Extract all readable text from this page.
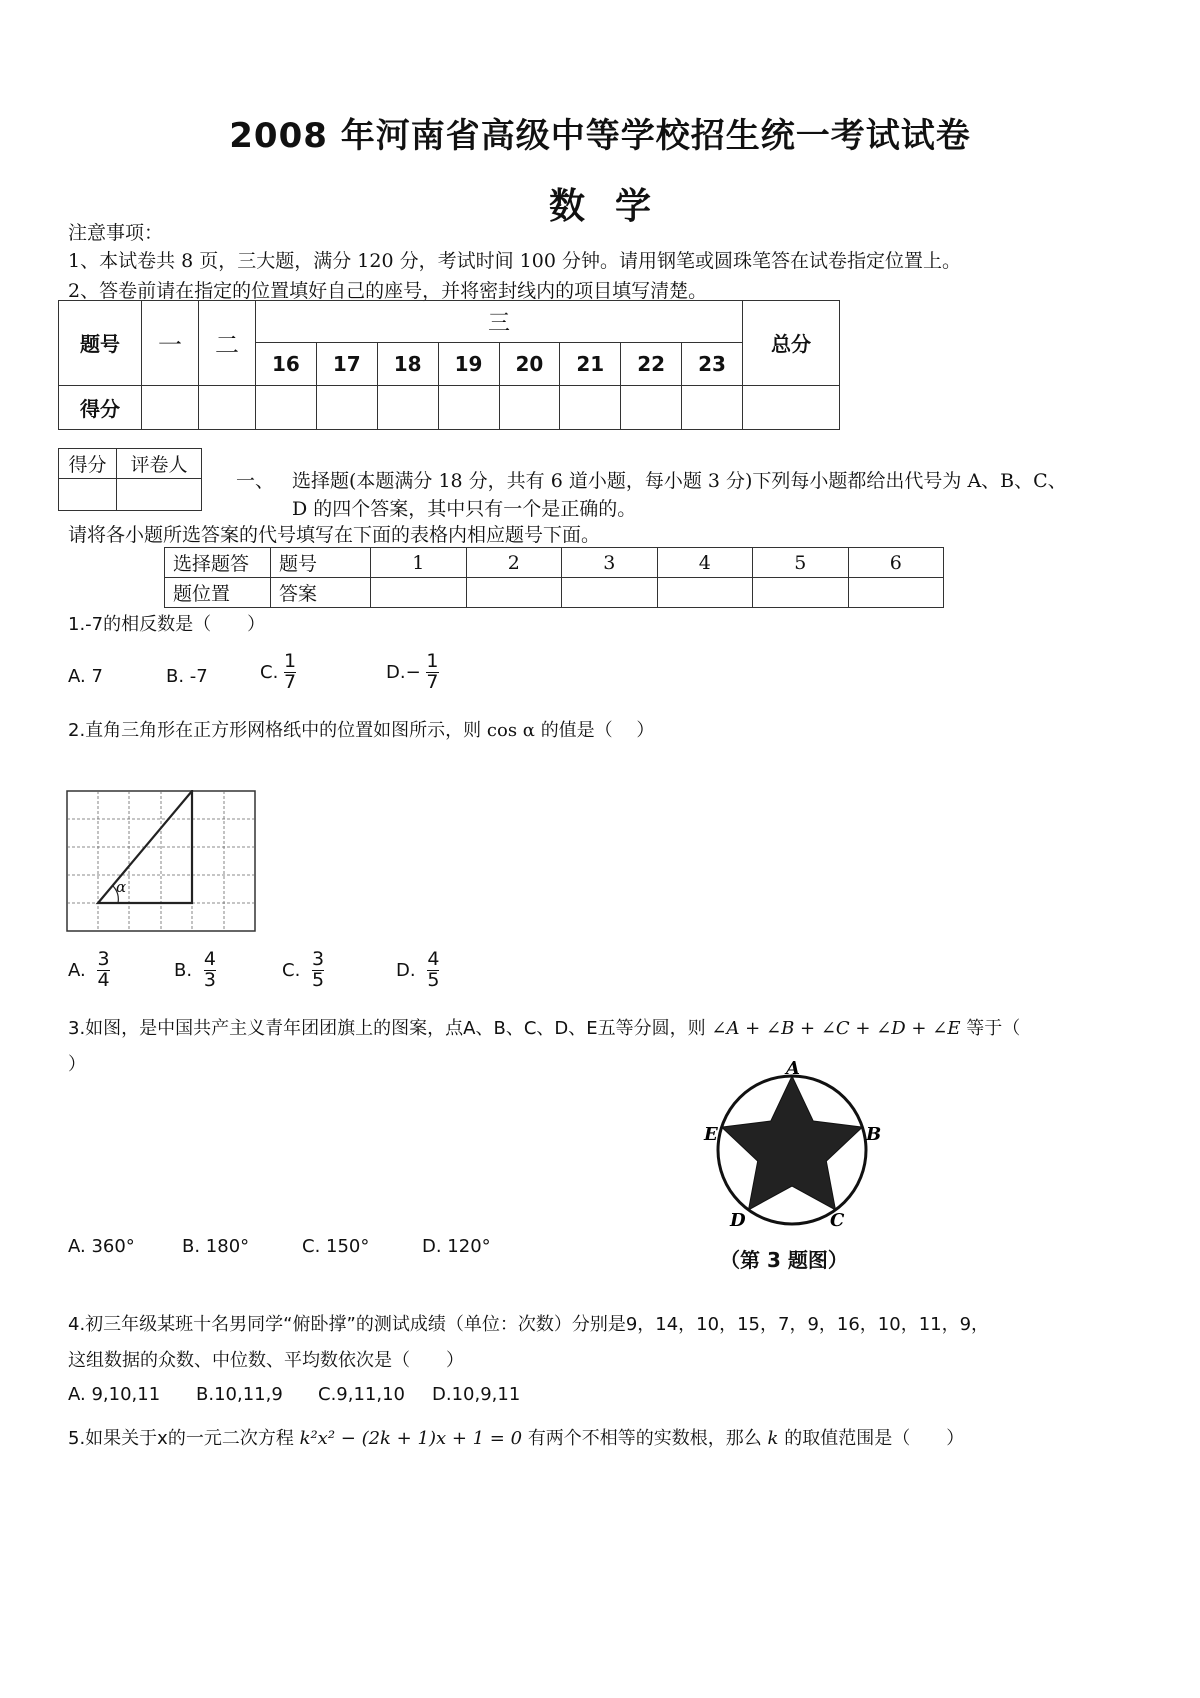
2008 年河南省高级中等学校招生统一考试试卷
数学
注意事项：
1、本试卷共 8 页，三大题，满分 120 分，考试时间 100 分钟。请用钢笔或圆珠笔答在试卷指定位置上。
2、答卷前请在指定的位置填好自己的座号，并将密封线内的项目填写清楚。
题号	一	二	三								总分
			16	17	18	19	20	21	22	23	
得分											
得分	评卷人

一、 选择题(本题满分 18 分，共有 6 道小题，每小题 3 分)下列每小题都给出代号为 A、B、C、
D 的四个答案，其中只有一个是正确的。
请将各小题所选答案的代号填写在下面的表格内相应题号下面。
选择题答	题号	1	2	3	4	5	6
题位置	答案						
1.-7的相反数是（　　）
A. 7	B. -7	C. $\frac{1}{7}$	$D.- \frac{1}{7}$
2.直角三角形在正方形网格纸中的位置如图所示，则 cos α 的值是（　 ）
α
A. $\frac{3}{4}$	B. $\frac{4}{3}$	C. $\frac{3}{5}$	D. $\frac{4}{5}$
3.如图，是中国共产主义青年团团旗上的图案，点A、B、C、D、E五等分圆，则 ∠A + ∠B + ∠C + ∠D + ∠E 等于（
）	A
B
C
D
E
（第 3 题图）
A. 360°	B. 180°	C. 150°	D. 120°
4.初三年级某班十名男同学“俯卧撑”的测试成绩（单位：次数）分别是9，14，10，15，7，9，16，10，11，9，
这组数据的众数、中位数、平均数依次是（　　）
A. 9,10,11 B.10,11,9 C.9,11,10 D.10,9,11
5.如果关于x的一元二次方程 k²x² − (2k + 1)x + 1 = 0 有两个不相等的实数根，那么 k 的取值范围是（　　）
